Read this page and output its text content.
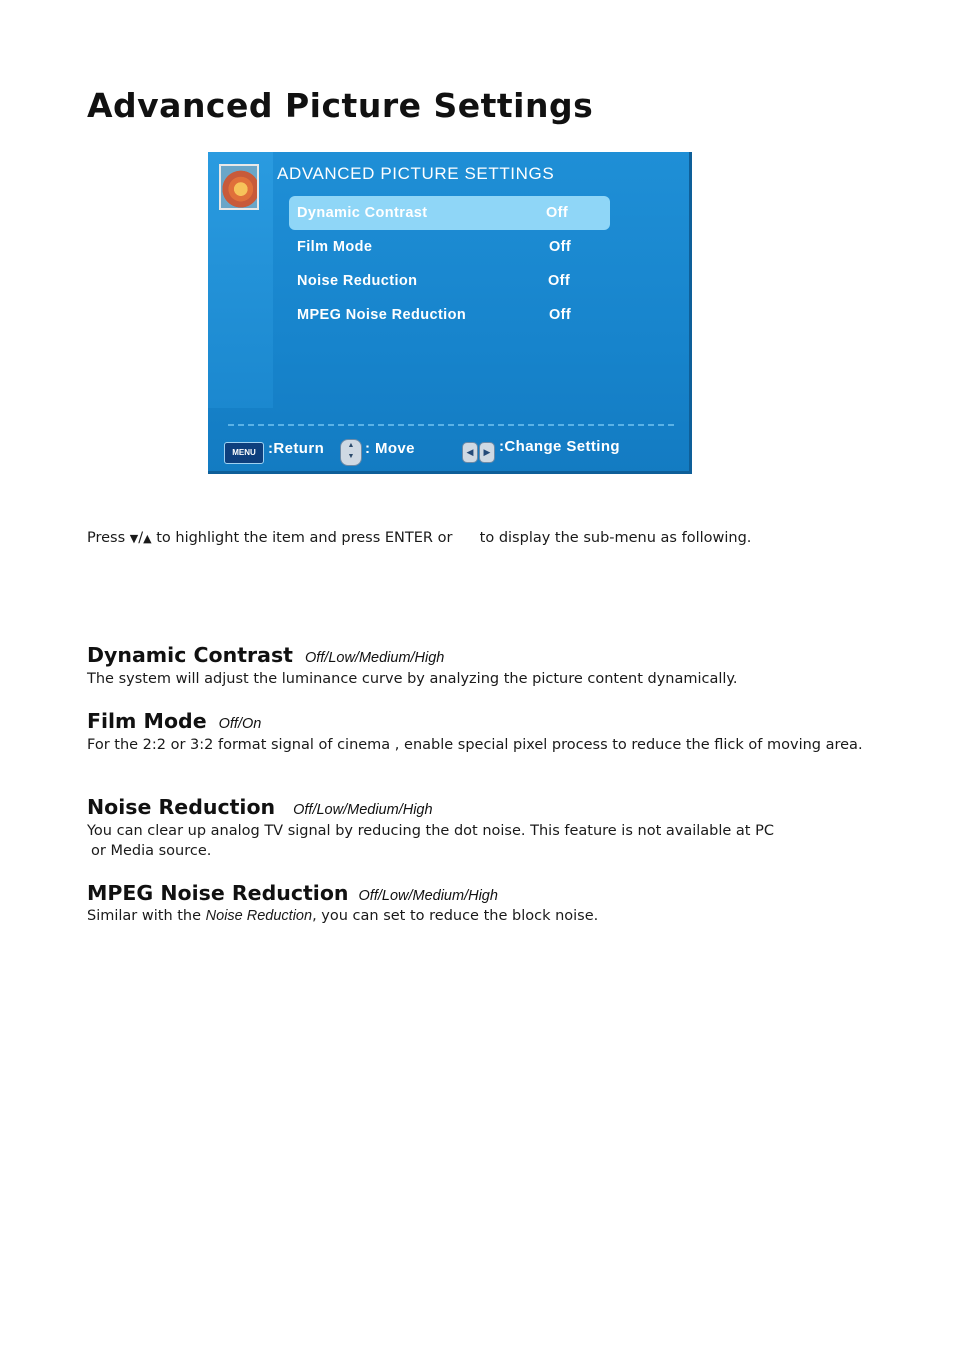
Advanced Picture Settings
ADVANCED PICTURE SETTINGS
Dynamic Contrast	Off
Film Mode	Off
Noise Reduction	Off
MPEG Noise Reduction	Off
MENU :Return	▲
▼ : Move	◀	▶ :Change Setting
Press ▼/▲ to highlight the item and press ENTER or to display the sub-menu as following.
Dynamic Contrast Off/Low/Medium/High

The system will adjust the luminance curve by analyzing the picture content dynamically.

Film Mode Off/On

For the 2:2 or 3:2 format signal of cinema , enable special pixel process to reduce the flick of moving area.

Noise Reduction Off/Low/Medium/High

You can clear up analog TV signal by reducing the dot noise. This feature is not available at PC
or Media source.

MPEG Noise Reduction Off/Low/Medium/High

Similar with the Noise Reduction, you can set to reduce the block noise.
